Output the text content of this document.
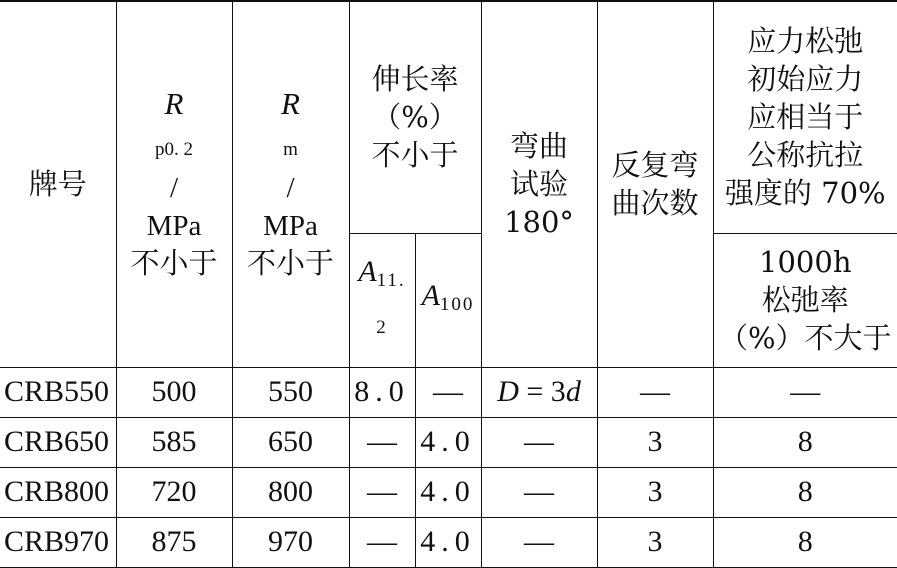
牌号	R
$_{p0. 2}$
/
MPa
不小于	R
$_m$
/
MPa
不小于	伸长率
（%）
不小于		弯曲
试验
180°	反复弯
曲次数	应力松弛
初始应力
应相当于
公称抗拉
强度的 70%

			$A_{11. 2}$	$A_{100}$			1000h
松弛率
（%）不大于

CRB550	500	550	8.0	—	D = 3d	—	—
CRB650	585	650	—	4.0	—	3	8
CRB800	720	800	—	4.0	—	3	8
CRB970	875	970	—	4.0	—	3	8
